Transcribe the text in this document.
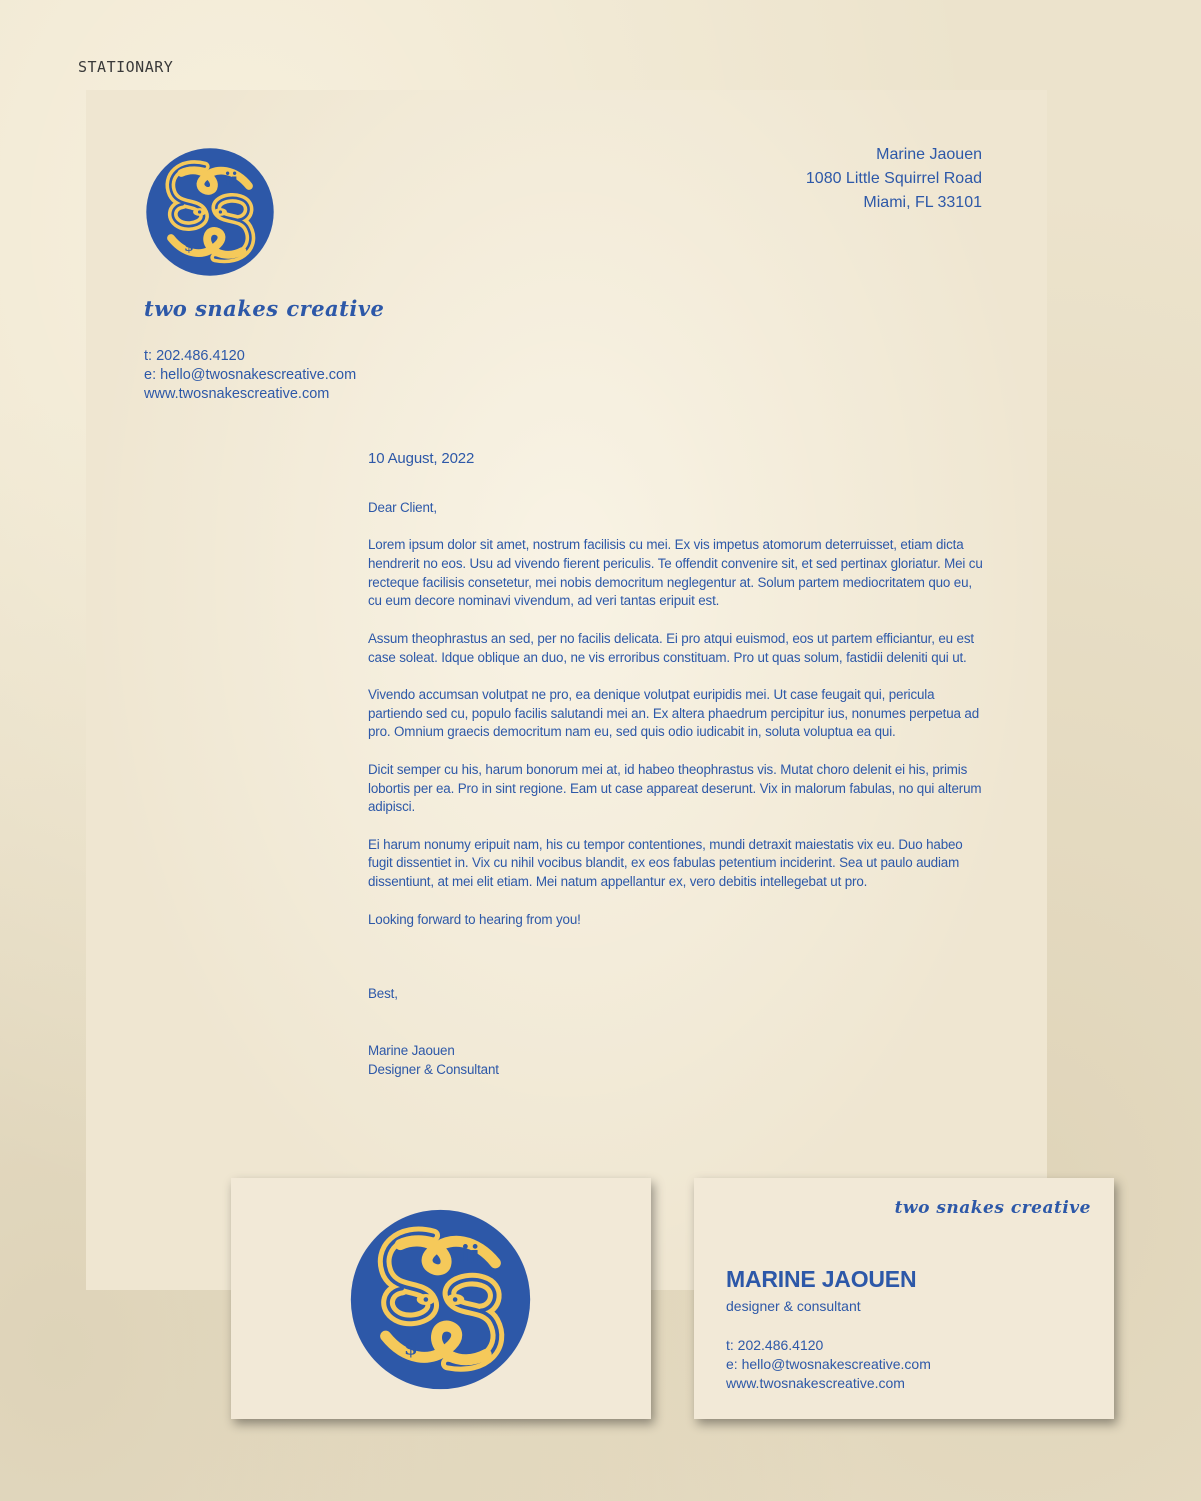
STATIONARY
ii
$
two snakes creative
t: 202.486.4120
e: hello@twosnakescreative.com
www.twosnakescreative.com
Marine Jaouen
1080 Little Squirrel Road
Miami, FL 33101
10 August, 2022

Dear Client,

Lorem ipsum dolor sit amet, nostrum facilisis cu mei. Ex vis impetus atomorum deterruisset, etiam dicta hendrerit no eos. Usu ad vivendo fierent periculis. Te offendit convenire sit, et sed pertinax gloriatur. Mei cu recteque facilisis consetetur, mei nobis democritum neglegentur at. Solum partem mediocritatem quo eu, cu eum decore nominavi vivendum, ad veri tantas eripuit est.

Assum theophrastus an sed, per no facilis delicata. Ei pro atqui euismod, eos ut partem efficiantur, eu est case soleat. Idque oblique an duo, ne vis erroribus constituam. Pro ut quas solum, fastidii deleniti qui ut.

Vivendo accumsan volutpat ne pro, ea denique volutpat euripidis mei. Ut case feugait qui, pericula partiendo sed cu, populo facilis salutandi mei an. Ex altera phaedrum percipitur ius, nonumes perpetua ad pro. Omnium graecis democritum nam eu, sed quis odio iudicabit in, soluta voluptua ea qui.

Dicit semper cu his, harum bonorum mei at, id habeo theophrastus vis. Mutat choro delenit ei his, primis lobortis per ea. Pro in sint regione. Eam ut case appareat deserunt. Vix in malorum fabulas, no qui alterum adipisci.

Ei harum nonumy eripuit nam, his cu tempor contentiones, mundi detraxit maiestatis vix eu. Duo habeo fugit dissentiet in. Vix cu nihil vocibus blandit, ex eos fabulas petentium inciderint. Sea ut paulo audiam dissentiunt, at mei elit etiam. Mei natum appellantur ex, vero debitis intellegebat ut pro.

Looking forward to hearing from you!

Best,

Marine Jaouen
Designer & Consultant
ii
$
two snakes creative
MARINE JAOUEN
designer & consultant
t: 202.486.4120
e: hello@twosnakescreative.com
www.twosnakescreative.com
